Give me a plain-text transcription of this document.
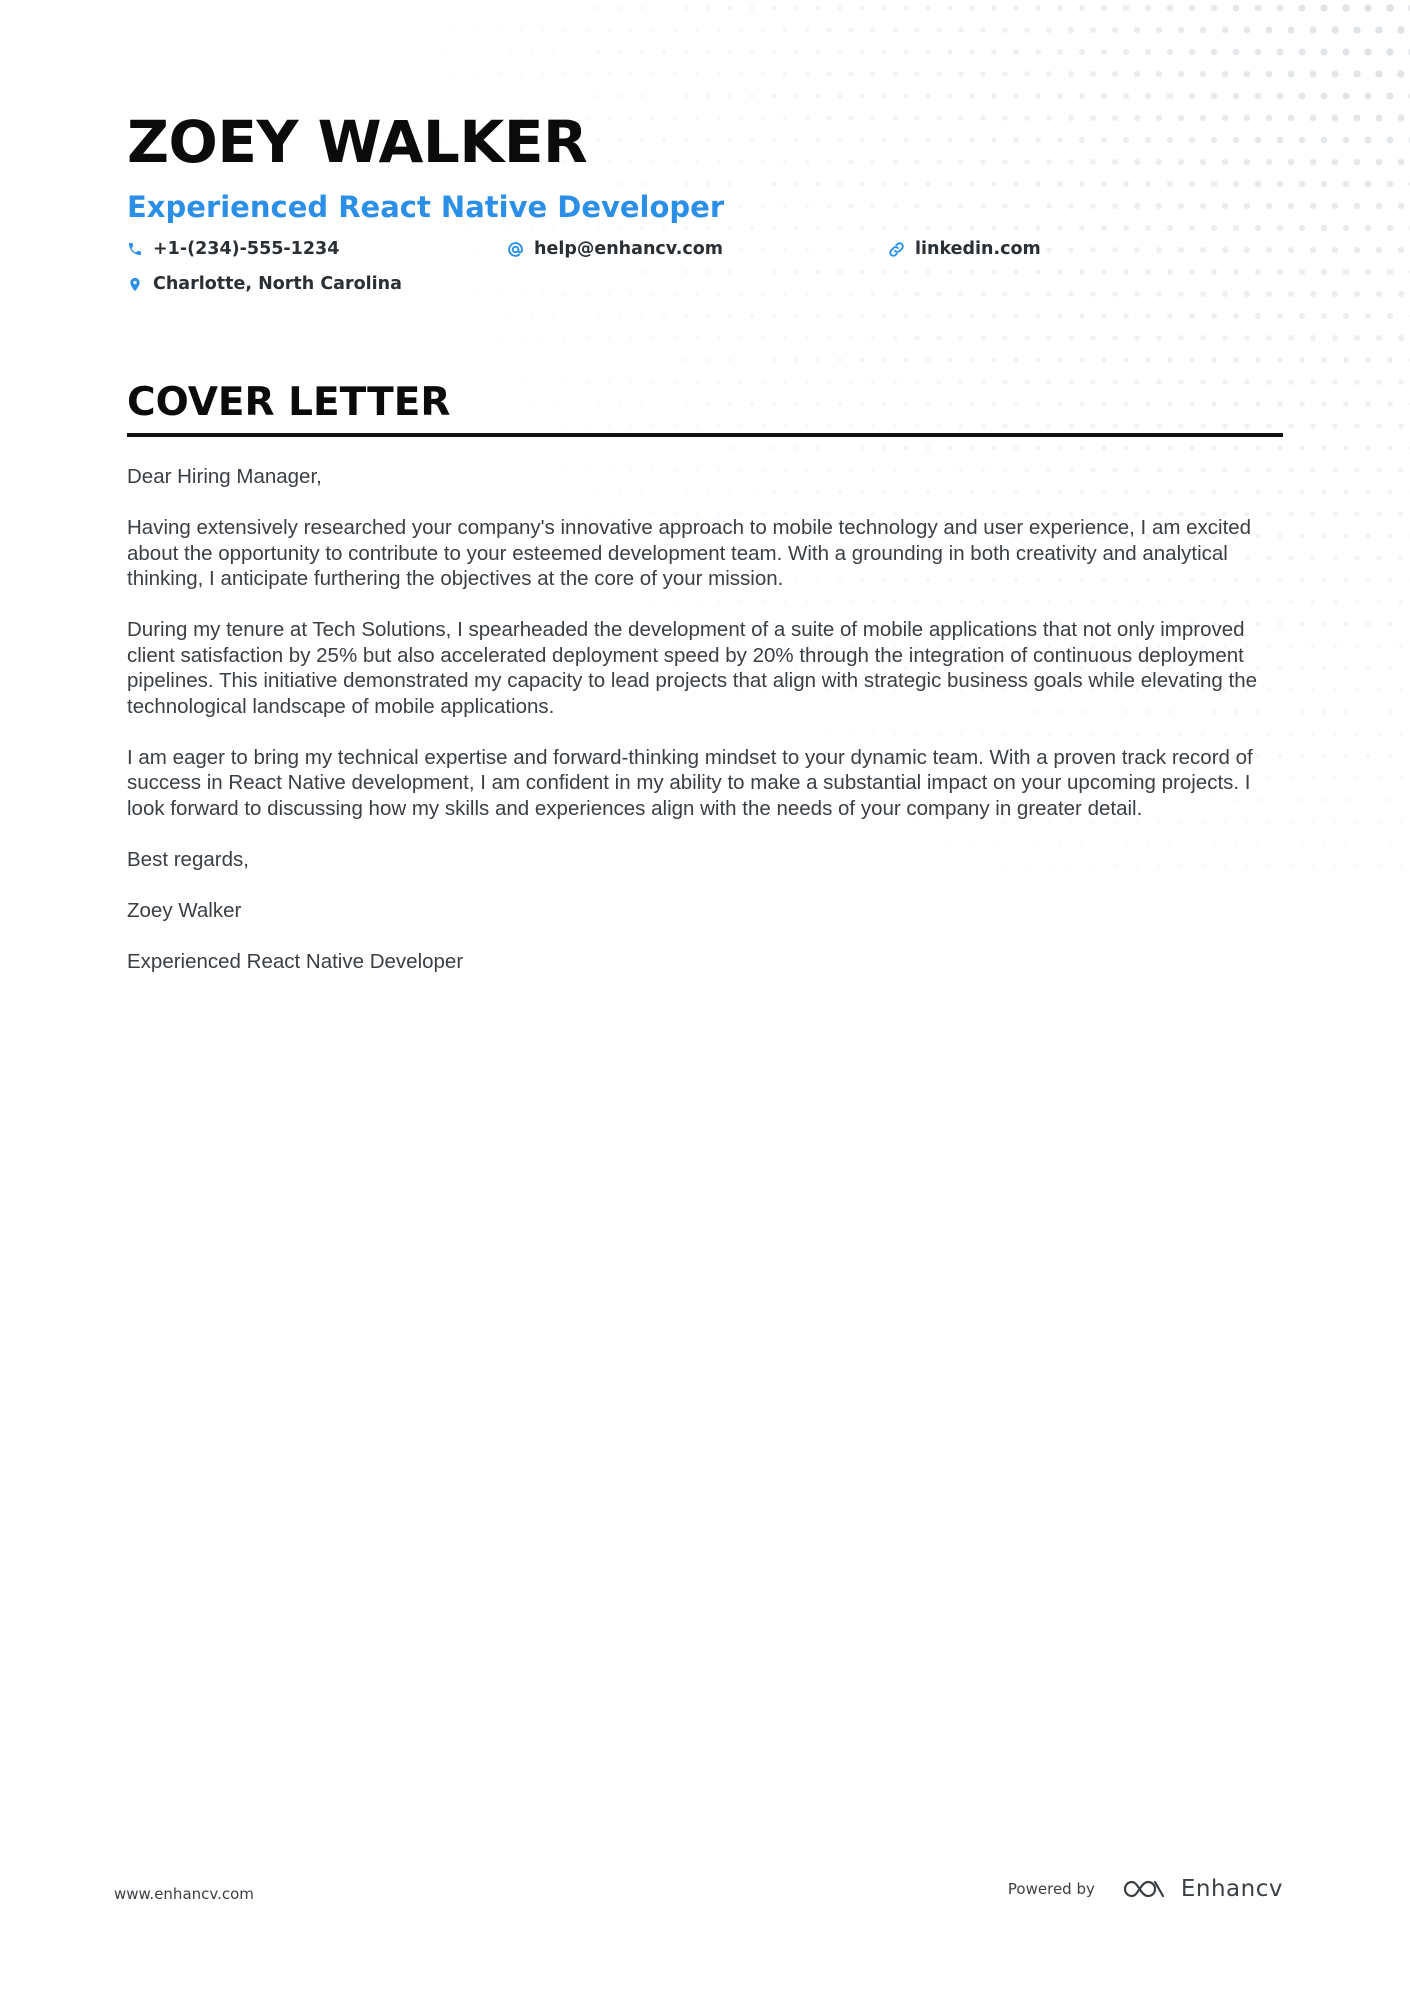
ZOEY WALKER
Experienced React Native Developer
+1-(234)-555-1234	help@enhancv.com	linkedin.com
Charlotte, North Carolina
COVER LETTER

Dear Hiring Manager,

Having extensively researched your company's innovative approach to mobile technology and user experience, I am excited about the opportunity to contribute to your esteemed development team. With a grounding in both creativity and analytical thinking, I anticipate furthering the objectives at the core of your mission.

During my tenure at Tech Solutions, I spearheaded the development of a suite of mobile applications that not only improved client satisfaction by 25% but also accelerated deployment speed by 20% through the integration of continuous deployment pipelines. This initiative demonstrated my capacity to lead projects that align with strategic business goals while elevating the technological landscape of mobile applications.

I am eager to bring my technical expertise and forward-thinking mindset to your dynamic team. With a proven track record of success in React Native development, I am confident in my ability to make a substantial impact on your upcoming projects. I look forward to discussing how my skills and experiences align with the needs of your company in greater detail.

Best regards,

Zoey Walker

Experienced React Native Developer

www.enhancv.com	Powered by	Enhancv
